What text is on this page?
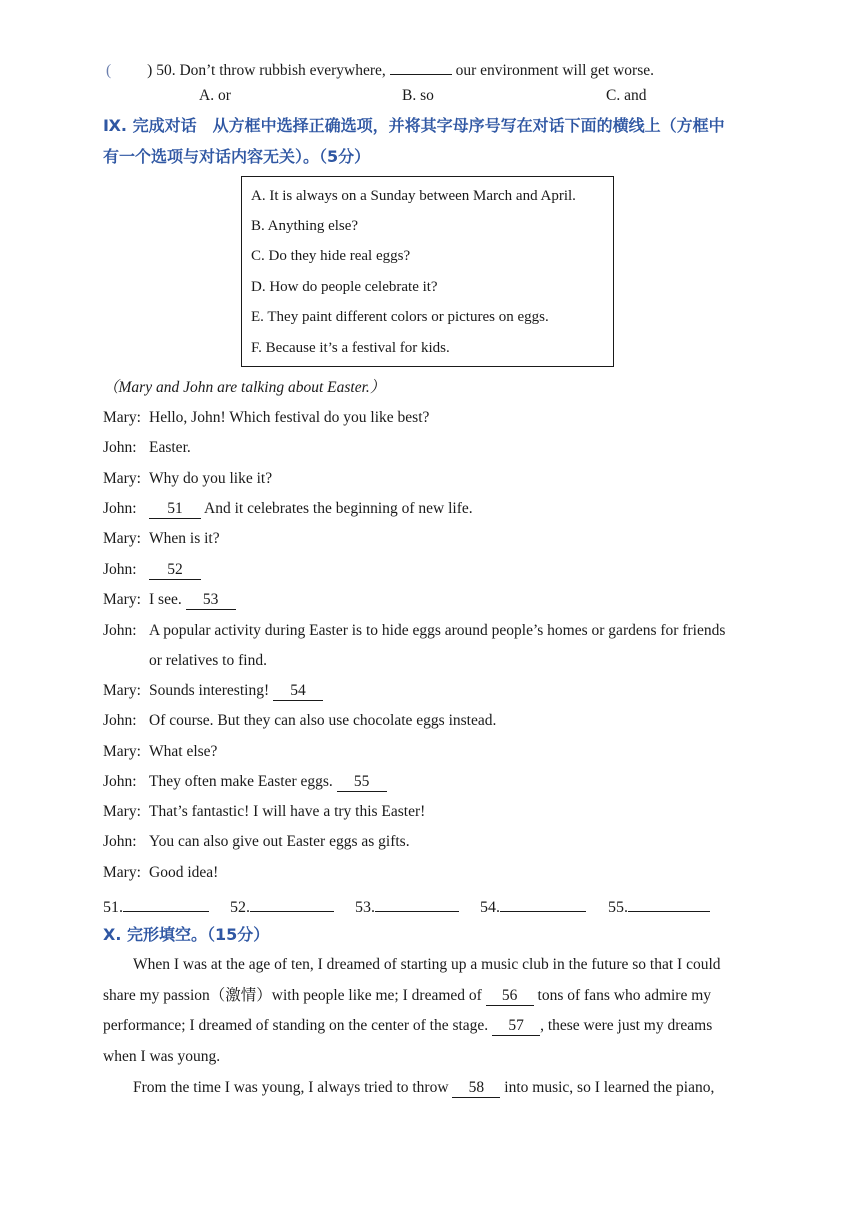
( ) 50. Don’t throw rubbish everywhere,	our environment will get worse.
A. or	B. so	C. and
Ⅸ. 完成对话　从方框中选择正确选项，并将其字母序号写在对话下面的横线上（方框中
有一个选项与对话内容无关）。（5分）
A. It is always on a Sunday between March and April.
B. Anything else?
C. Do they hide real eggs?
D. How do people celebrate it?
E. They paint different colors or pictures on eggs.
F. Because it’s a festival for kids.
（Mary and John are talking about Easter.）
Mary: Hello, John! Which festival do you like best?
John: Easter.
Mary: Why do you like it?
John: 51 And it celebrates the beginning of new life.
Mary: When is it?
John: 52
Mary: I see. 53
John: A popular activity during Easter is to hide eggs around people’s homes or gardens for friends
or relatives to find.
Mary: Sounds interesting! 54
John: Of course. But they can also use chocolate eggs instead.
Mary: What else?
John: They often make Easter eggs. 55
Mary: That’s fantastic! I will have a try this Easter!
John: You can also give out Easter eggs as gifts.
Mary: Good idea!
51.	52.	53.	54.	55.
Ⅹ. 完形填空。（15分）
When I was at the age of ten, I dreamed of starting up a music club in the future so that I could
share my passion（激情）with people like me; I dreamed of 56 tons of fans who admire my
performance; I dreamed of standing on the center of the stage. 57 , these were just my dreams
when I was young.
From the time I was young, I always tried to throw 58 into music, so I learned the piano,
